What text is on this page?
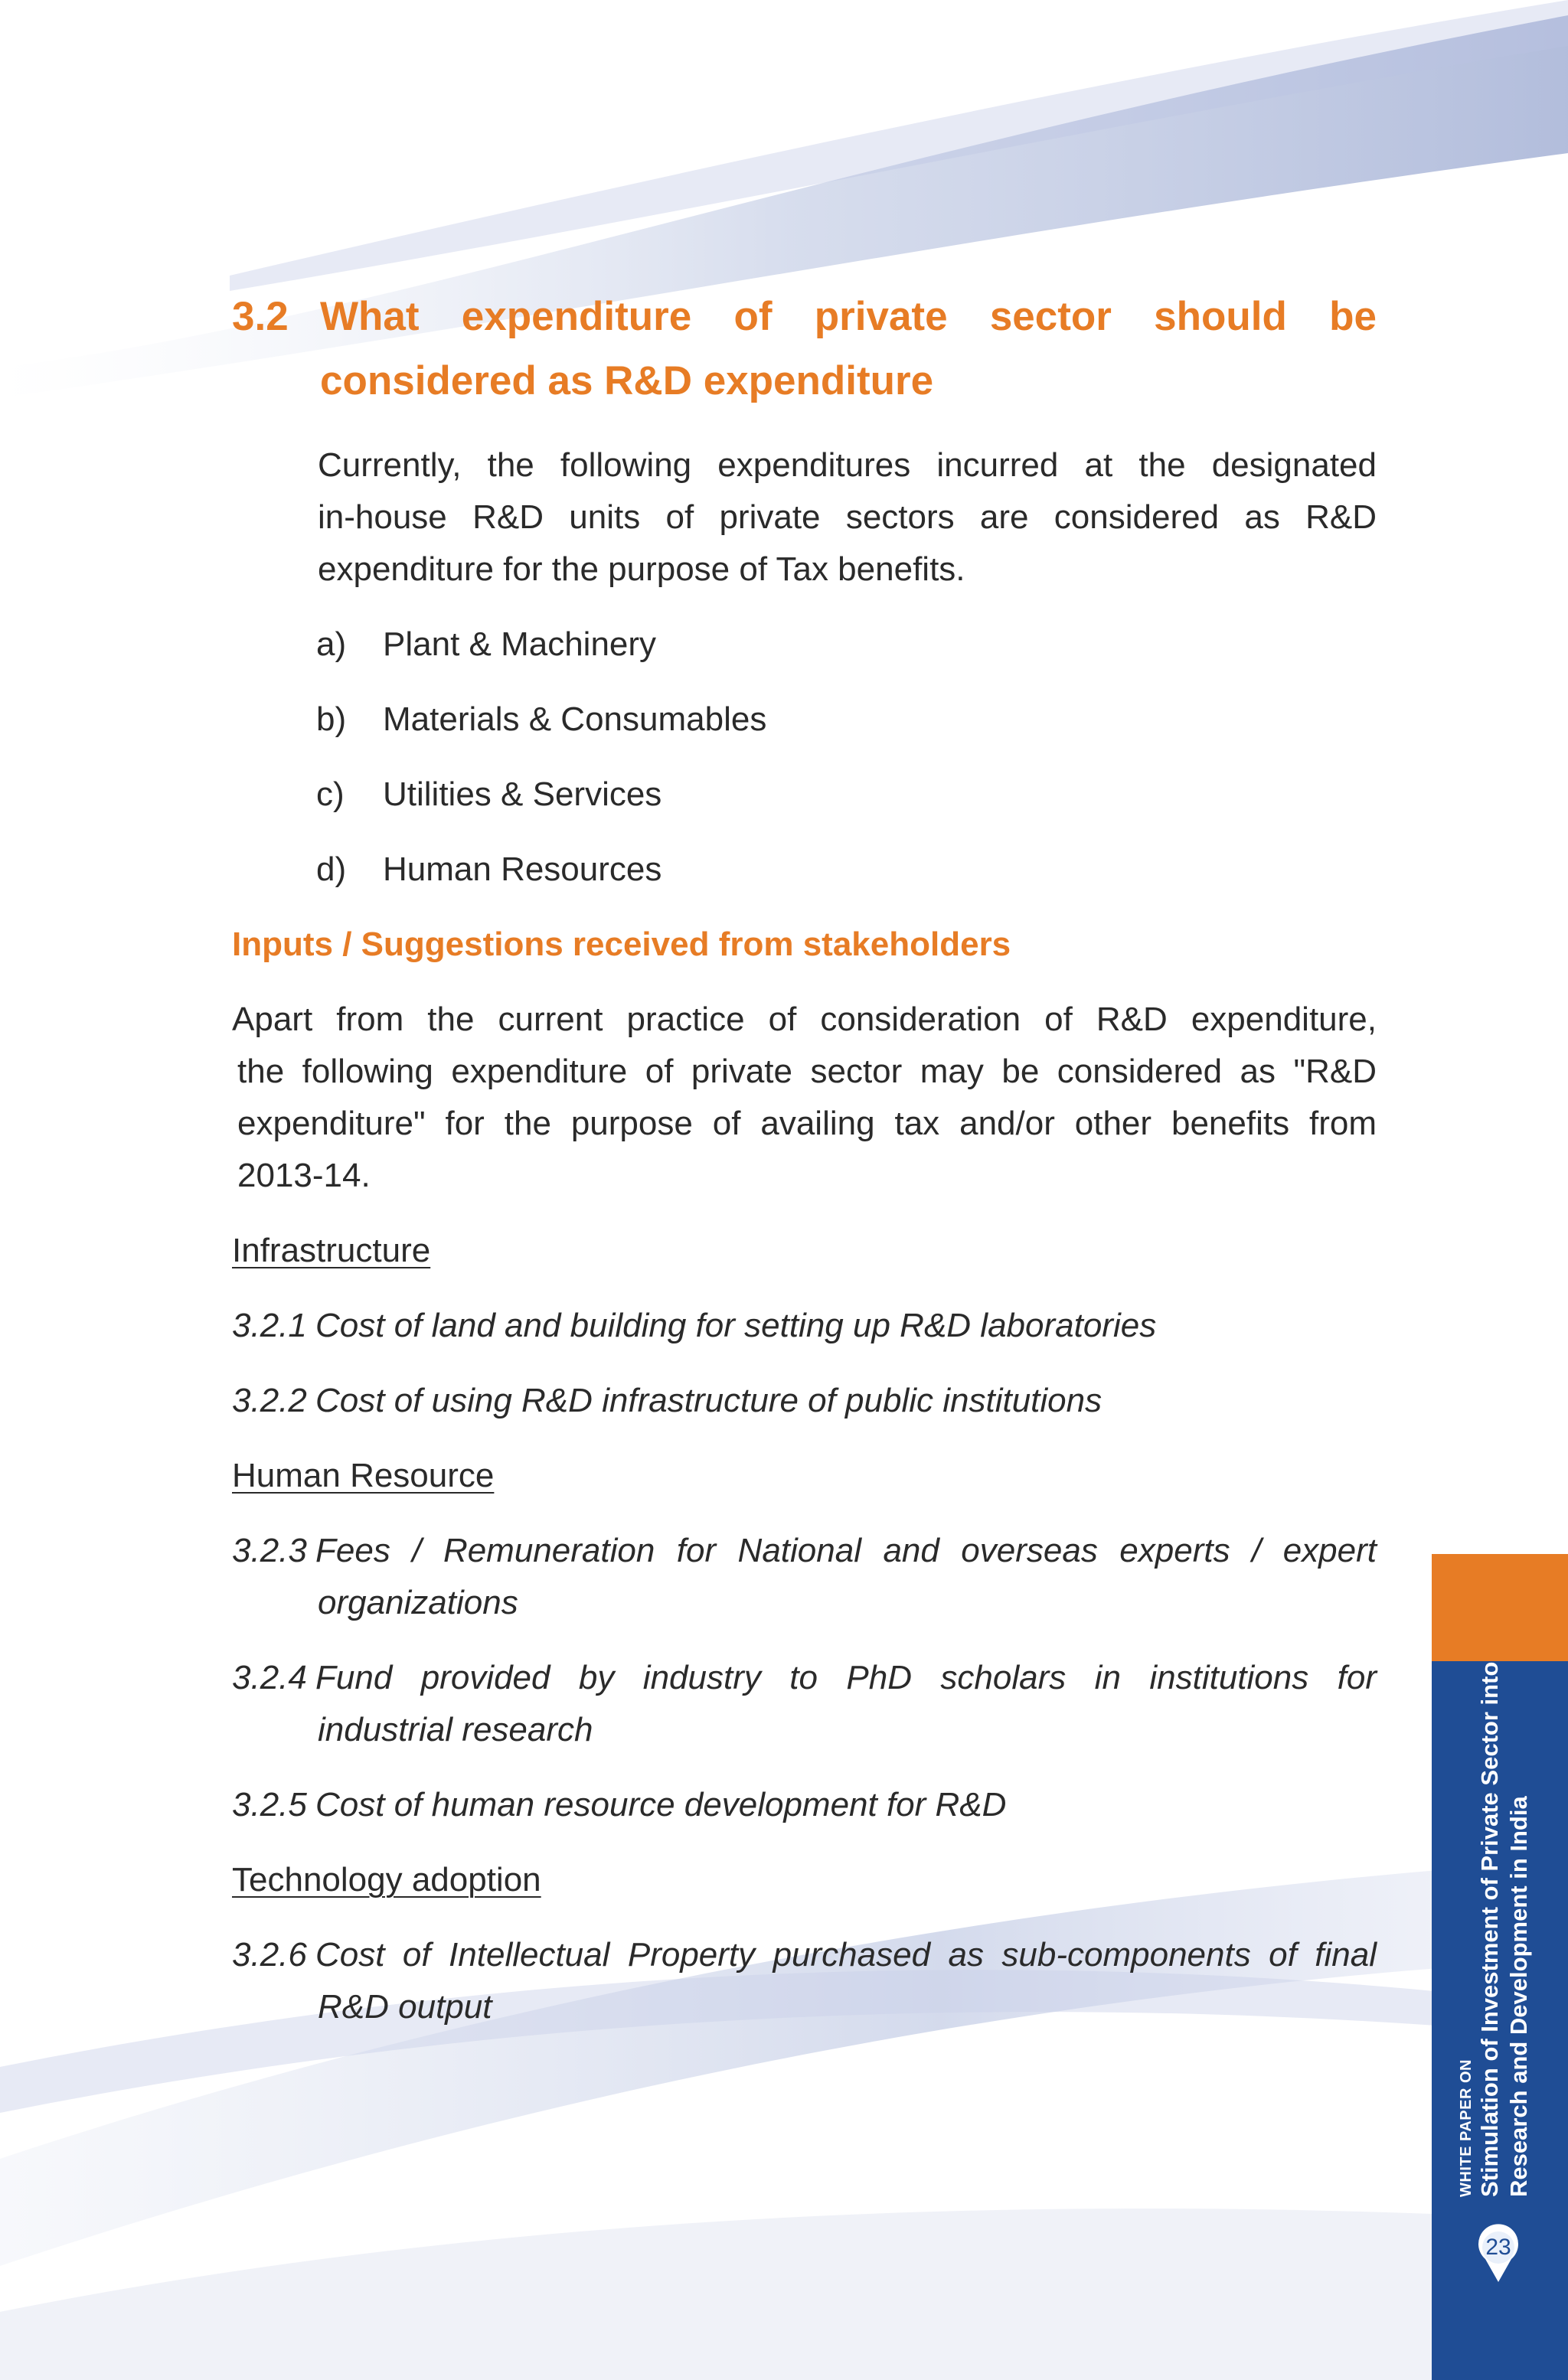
3.2 What expenditure of private sector should be
considered as R&D expenditure
Currently, the following expenditures incurred at the designated
in-house R&D units of private sectors are considered as R&D
expenditure for the purpose of Tax benefits.
a) Plant & Machinery
b) Materials & Consumables
c) Utilities & Services
d) Human Resources
Inputs / Suggestions received from stakeholders
Apart from the current practice of consideration of R&D expenditure,
the following expenditure of private sector may be considered as "R&D
expenditure" for the purpose of availing tax and/or other benefits from
2013-14.
Infrastructure
3.2.1 Cost of land and building for setting up R&D laboratories
3.2.2 Cost of using R&D infrastructure of public institutions
Human Resource
3.2.3 Fees / Remuneration for National and overseas experts / expert
organizations
3.2.4 Fund provided by industry to PhD scholars in institutions for
industrial research
3.2.5 Cost of human resource development for R&D
Technology adoption
3.2.6 Cost of Intellectual Property purchased as sub-components of final
R&D output
WHITE PAPER ON Stimulation of Investment of Private Sector into Research and Development in India
23
